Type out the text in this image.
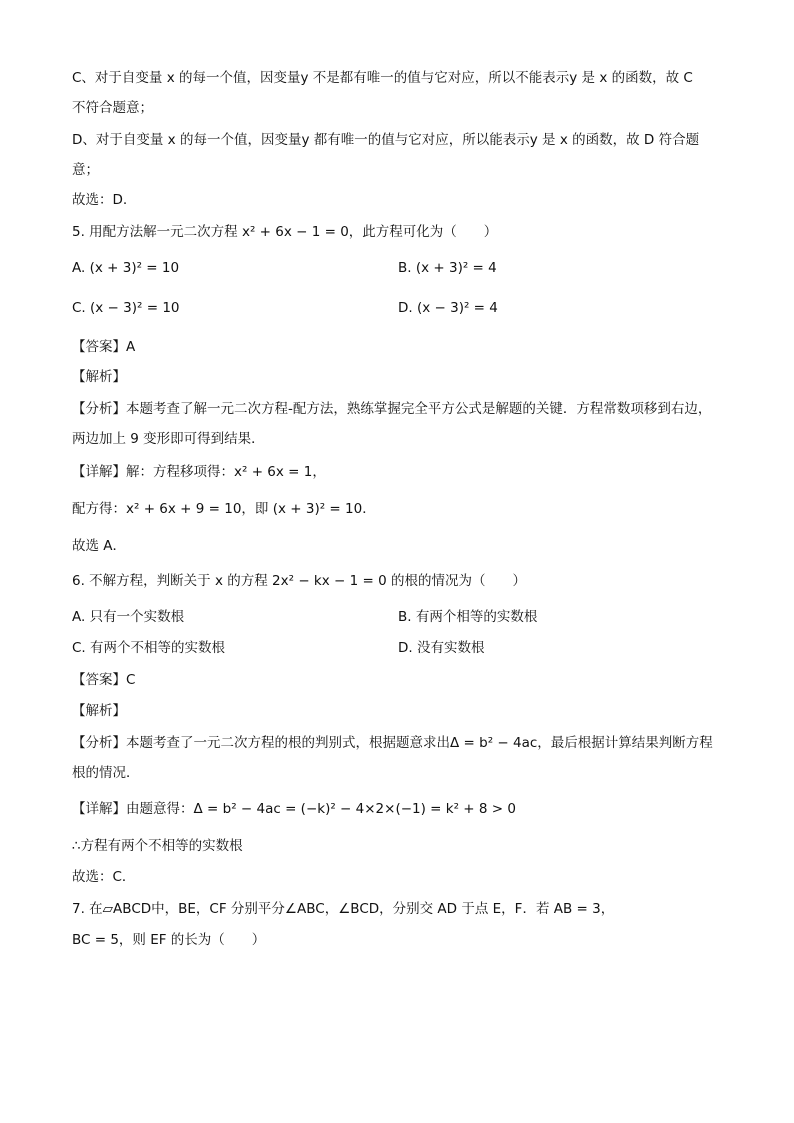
C、对于自变量 x 的每一个值，因变量y 不是都有唯一的值与它对应，所以不能表示y 是 x 的函数，故 C
不符合题意；
D、对于自变量 x 的每一个值，因变量y 都有唯一的值与它对应，所以能表示y 是 x 的函数，故 D 符合题
意；
故选：D.
5. 用配方法解一元二次方程 x² + 6x − 1 = 0，此方程可化为（　　）
A. (x + 3)² = 10	B. (x + 3)² = 4
C. (x − 3)² = 10	D. (x − 3)² = 4
【答案】A
【解析】
【分析】本题考查了解一元二次方程-配方法，熟练掌握完全平方公式是解题的关键．方程常数项移到右边，
两边加上 9 变形即可得到结果．
【详解】解：方程移项得：x² + 6x = 1，
配方得：x² + 6x + 9 = 10，即 (x + 3)² = 10．
故选 A．
6. 不解方程，判断关于 x 的方程 2x² − kx − 1 = 0 的根的情况为（　　）
A. 只有一个实数根	B. 有两个相等的实数根
C. 有两个不相等的实数根	D. 没有实数根
【答案】C
【解析】
【分析】本题考查了一元二次方程的根的判别式，根据题意求出Δ = b² − 4ac，最后根据计算结果判断方程
根的情况．
【详解】由题意得：Δ = b² − 4ac = (−k)² − 4×2×(−1) = k² + 8 > 0
∴方程有两个不相等的实数根
故选：C．
7. 在▱ABCD中，BE，CF 分别平分∠ABC，∠BCD，分别交 AD 于点 E，F．若 AB = 3，
BC = 5，则 EF 的长为（　　）
